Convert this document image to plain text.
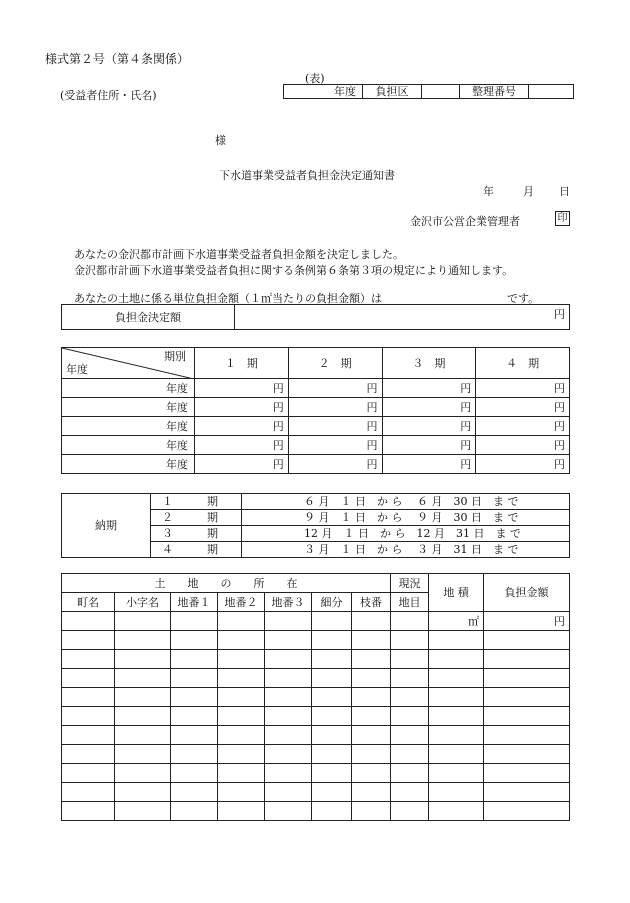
様式第２号（第４条関係）
(表)
(受益者住所・氏名)	年度	負担区		整理番号	
様
下水道事業受益者負担金決定通知書
年	月 日
金沢市公営企業管理者	印
あなたの金沢都市計画下水道事業受益者負担金額を決定しました。
金沢都市計画下水道事業受益者負担に関する条例第６条第３項の規定により通知します。
あなたの土地に係る単位負担金額（１㎡当たりの負担金額）は	です。
負担金決定額	円
期別
年度	１　期	２　期	３　期	４　期
年度	円	円	円	円
年度	円	円	円	円
年度	円	円	円	円
年度	円	円	円	円
年度	円	円	円	円
納期	１	期	６ 月　１ 日　か ら　 ６ 月　30 日　ま で
	２	期	９ 月　１ 日　か ら　 ９ 月　30 日　ま で
	３	期	12 月　１ 日　か ら　12 月　31 日　ま で
	４	期	３ 月　１ 日　か ら　 ３ 月　31 日　ま で
土　　地　　の　　所　　在							現況	地 積	負担金額
町名	小字名	地番１	地番２	地番３	細分	枝番	地目		
								㎡	円
